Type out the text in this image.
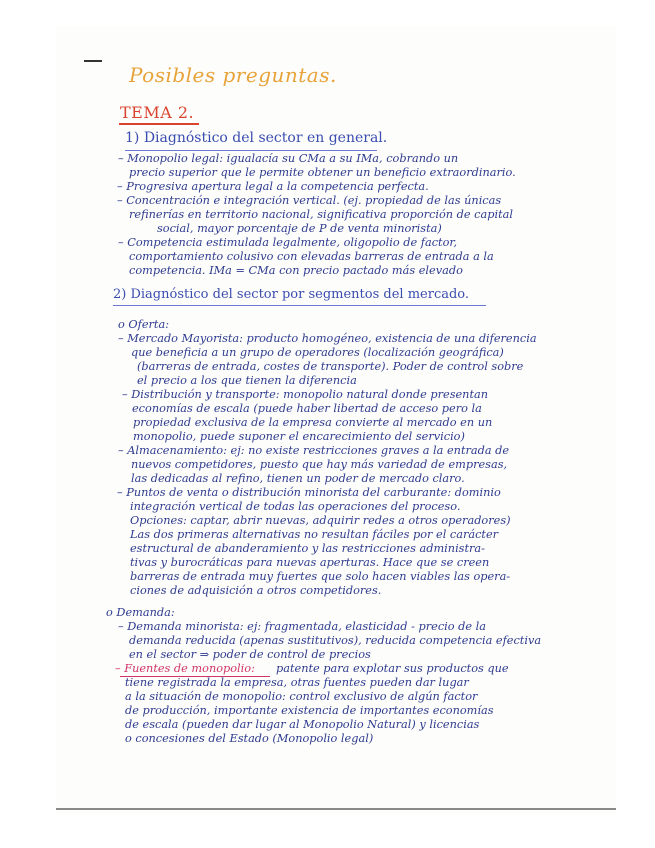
Posibles preguntas.
TEMA 2.
1) Diagnóstico del sector en general.
– Monopolio legal: igualacía su CMa a su IMa, cobrando un
precio superior que le permite obtener un beneficio extraordinario.
– Progresiva apertura legal a la competencia perfecta.
– Concentración e integración vertical. (ej. propiedad de las únicas
refinerías en territorio nacional, significativa proporción de capital
social, mayor porcentaje de P de venta minorista)
– Competencia estimulada legalmente, oligopolio de factor,
comportamiento colusivo con elevadas barreras de entrada a la
competencia. IMa = CMa con precio pactado más elevado
2) Diagnóstico del sector por segmentos del mercado.
o Oferta:
– Mercado Mayorista: producto homogéneo, existencia de una diferencia
que beneficia a un grupo de operadores (localización geográfica)
(barreras de entrada, costes de transporte). Poder de control sobre
el precio a los que tienen la diferencia
– Distribución y transporte: monopolio natural donde presentan
economías de escala (puede haber libertad de acceso pero la
propiedad exclusiva de la empresa convierte al mercado en un
monopolio, puede suponer el encarecimiento del servicio)
– Almacenamiento: ej: no existe restricciones graves a la entrada de
nuevos competidores, puesto que hay más variedad de empresas,
las dedicadas al refino, tienen un poder de mercado claro.
– Puntos de venta o distribución minorista del carburante: dominio
integración vertical de todas las operaciones del proceso.
Opciones: captar, abrir nuevas, adquirir redes a otros operadores)
Las dos primeras alternativas no resultan fáciles por el carácter
estructural de abanderamiento y las restricciones administra-
tivas y burocráticas para nuevas aperturas. Hace que se creen
barreras de entrada muy fuertes que solo hacen viables las opera-
ciones de adquisición a otros competidores.
o Demanda:
– Demanda minorista: ej: fragmentada, elasticidad - precio de la
demanda reducida (apenas sustitutivos), reducida competencia efectiva
en el sector ⇒ poder de control de precios
– Fuentes de monopolio: patente para explotar sus productos que
tiene registrada la empresa, otras fuentes pueden dar lugar
a la situación de monopolio: control exclusivo de algún factor
de producción, importante existencia de importantes economías
de escala (pueden dar lugar al Monopolio Natural) y licencias
o concesiones del Estado (Monopolio legal)
